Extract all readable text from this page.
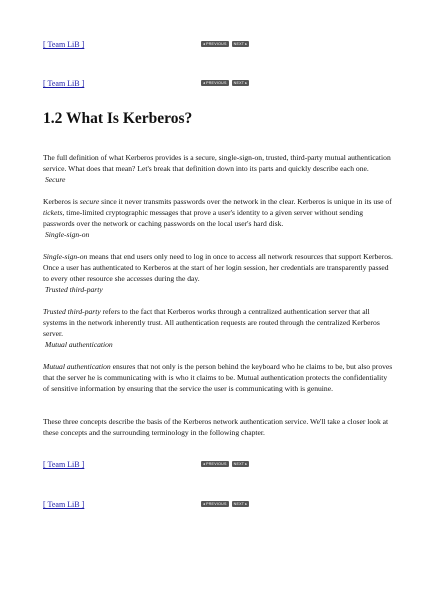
[ Team LiB ]	◂ PREVIOUS NEXT ▸
[ Team LiB ]	◂ PREVIOUS NEXT ▸
1.2 What Is Kerberos?

The full definition of what Kerberos provides is a secure, single-sign-on, trusted, third-party mutual authentication service. What does that mean? Let's break that definition down into its parts and quickly describe each one.

Secure

Kerberos is secure since it never transmits passwords over the network in the clear. Kerberos is unique in its use of tickets, time-limited cryptographic messages that prove a user's identity to a given server without sending passwords over the network or caching passwords on the local user's hard disk.

Single-sign-on

Single-sign-on means that end users only need to log in once to access all network resources that support Kerberos. Once a user has authenticated to Kerberos at the start of her login session, her credentials are transparently passed to every other resource she accesses during the day.

Trusted third-party

Trusted third-party refers to the fact that Kerberos works through a centralized authentication server that all systems in the network inherently trust. All authentication requests are routed through the centralized Kerberos server.

Mutual authentication

Mutual authentication ensures that not only is the person behind the keyboard who he claims to be, but also proves that the server he is communicating with is who it claims to be. Mutual authentication protects the confidentiality of sensitive information by ensuring that the service the user is communicating with is genuine.

These three concepts describe the basis of the Kerberos network authentication service. We'll take a closer look at these concepts and the surrounding terminology in the following chapter.

[ Team LiB ]	◂ PREVIOUS NEXT ▸
[ Team LiB ]	◂ PREVIOUS NEXT ▸
